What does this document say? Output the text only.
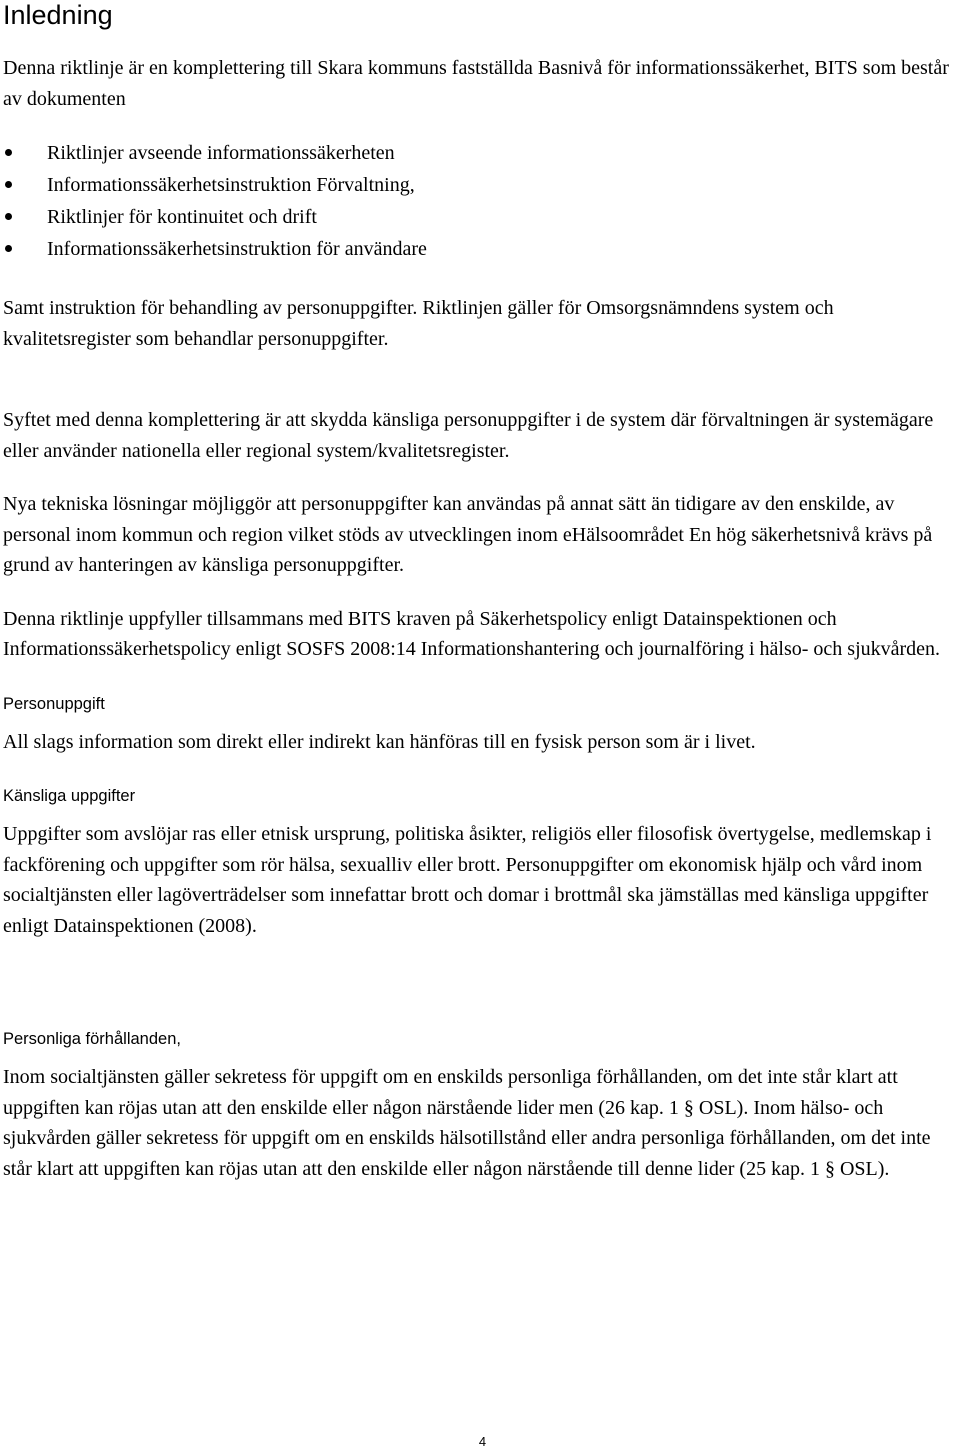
Inledning

Denna riktlinje är en komplettering till Skara kommuns fastställda Basnivå för informationssäkerhet, BITS som består av dokumenten

Riktlinjer avseende informationssäkerheten
Informationssäkerhetsinstruktion Förvaltning,
Riktlinjer för kontinuitet och drift
Informationssäkerhetsinstruktion för användare

Samt instruktion för behandling av personuppgifter. Riktlinjen gäller för Omsorgsnämndens system och kvalitetsregister som behandlar personuppgifter.

Syftet med denna komplettering är att skydda känsliga personuppgifter i de system där förvaltningen är systemägare eller använder nationella eller regional system/kvalitetsregister.

Nya tekniska lösningar möjliggör att personuppgifter kan användas på annat sätt än tidigare av den enskilde, av personal inom kommun och region vilket stöds av utvecklingen inom eHälsoområdet En hög säkerhetsnivå krävs på grund av hanteringen av känsliga personuppgifter.

Denna riktlinje uppfyller tillsammans med BITS kraven på Säkerhetspolicy enligt Datainspektionen och Informationssäkerhetspolicy enligt SOSFS 2008:14 Informationshantering och journalföring i hälso- och sjukvården.

Personuppgift

All slags information som direkt eller indirekt kan hänföras till en fysisk person som är i livet.

Känsliga uppgifter

Uppgifter som avslöjar ras eller etnisk ursprung, politiska åsikter, religiös eller filosofisk övertygelse, medlemskap i fackförening och uppgifter som rör hälsa, sexualliv eller brott. Personuppgifter om ekonomisk hjälp och vård inom socialtjänsten eller lagöverträdelser som innefattar brott och domar i brottmål ska jämställas med känsliga uppgifter enligt Datainspektionen (2008).

Personliga förhållanden,

Inom socialtjänsten gäller sekretess för uppgift om en enskilds personliga förhållanden, om det inte står klart att uppgiften kan röjas utan att den enskilde eller någon närstående lider men (26 kap. 1 § OSL). Inom hälso- och sjukvården gäller sekretess för uppgift om en enskilds hälsotillstånd eller andra personliga förhållanden, om det inte står klart att uppgiften kan röjas utan att den enskilde eller någon närstående till denne lider (25 kap. 1 § OSL).

4
